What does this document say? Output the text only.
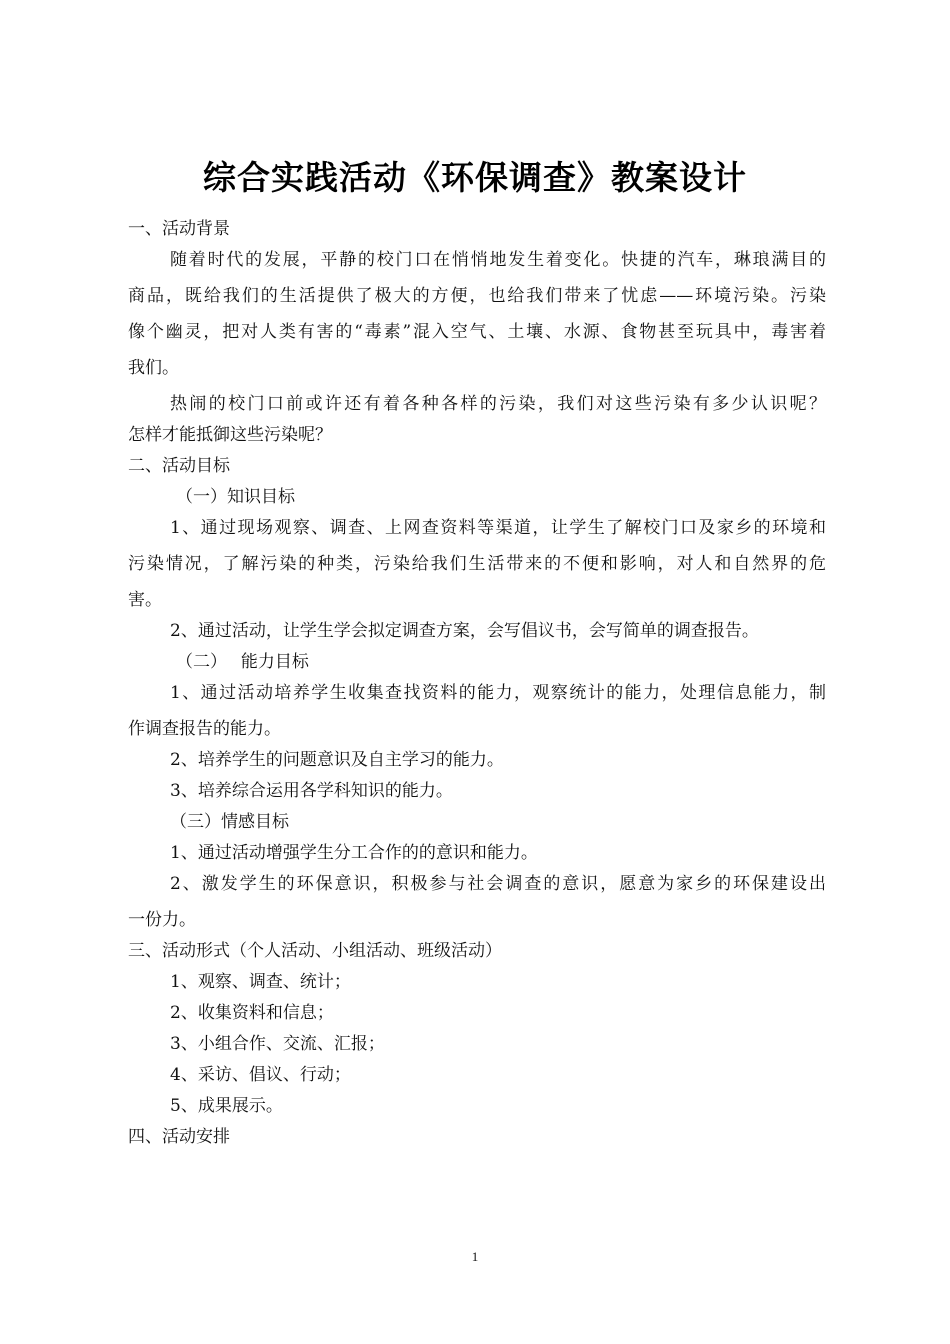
综合实践活动《环保调查》教案设计
一、活动背景
随着时代的发展，平静的校门口在悄悄地发生着变化。快捷的汽车，琳琅满目的
商品，既给我们的生活提供了极大的方便，也给我们带来了忧虑——环境污染。污染
像个幽灵，把对人类有害的“毒素”混入空气、土壤、水源、食物甚至玩具中，毒害着
我们。
热闹的校门口前或许还有着各种各样的污染，我们对这些污染有多少认识呢？
怎样才能抵御这些污染呢？
二、活动目标
（一）知识目标
1、通过现场观察、调查、上网查资料等渠道，让学生了解校门口及家乡的环境和
污染情况，了解污染的种类，污染给我们生活带来的不便和影响，对人和自然界的危
害。
2、通过活动，让学生学会拟定调查方案，会写倡议书，会写简单的调查报告。
（二）　 能力目标
1、通过活动培养学生收集查找资料的能力，观察统计的能力，处理信息能力，制
作调查报告的能力。
2、培养学生的问题意识及自主学习的能力。
3、培养综合运用各学科知识的能力。
（三）情感目标
1、通过活动增强学生分工合作的的意识和能力。
2、激发学生的环保意识，积极参与社会调查的意识，愿意为家乡的环保建设出
一份力。
三、活动形式（个人活动、小组活动、班级活动）
1、观察、调查、统计；
2、收集资料和信息；
3、小组合作、交流、汇报；
4、采访、倡议、行动；
5、成果展示。
四、活动安排
1
